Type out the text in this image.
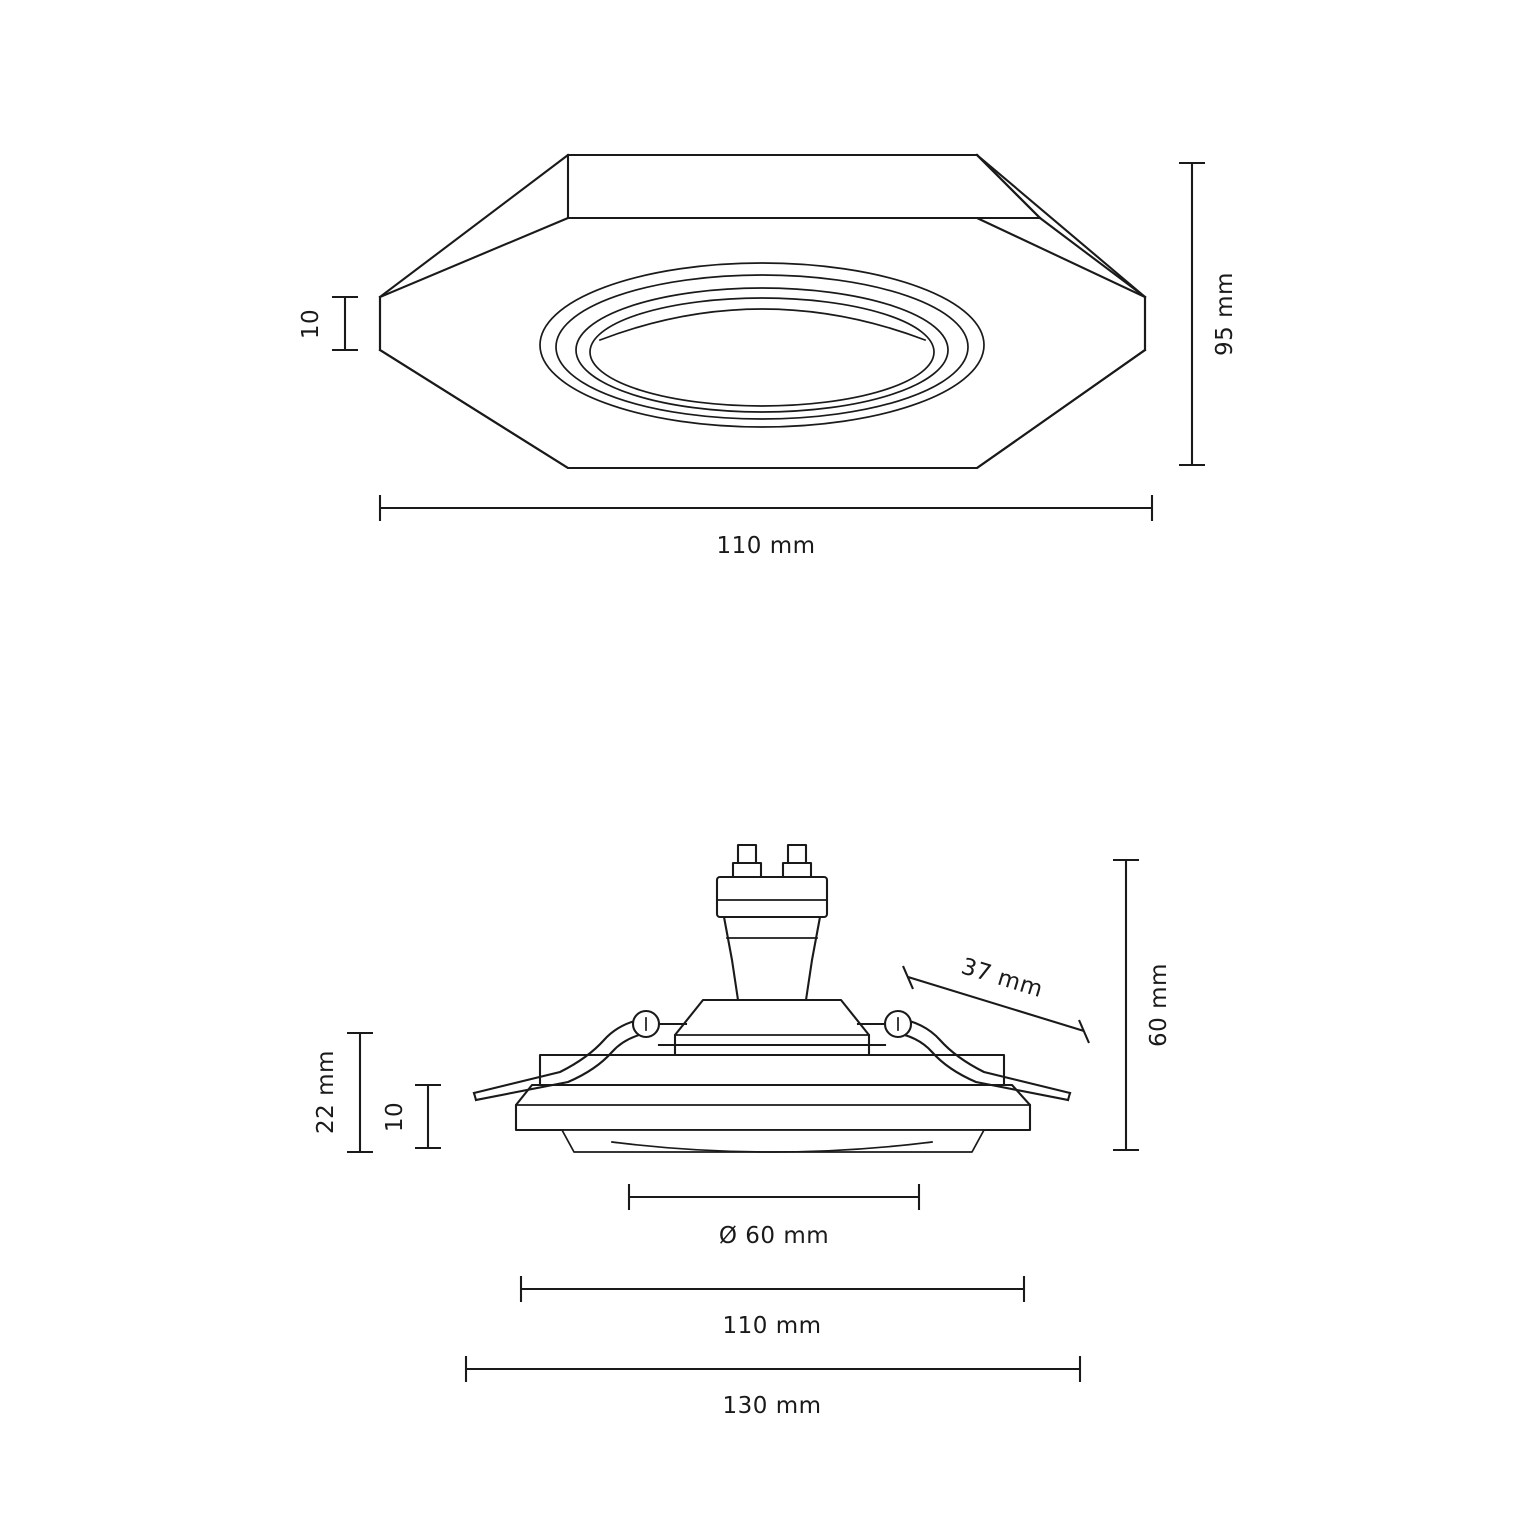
10	95 mm
110 mm
22 mm 10
60 mm
37 mm
Ø 60 mm
110 mm
130 mm
